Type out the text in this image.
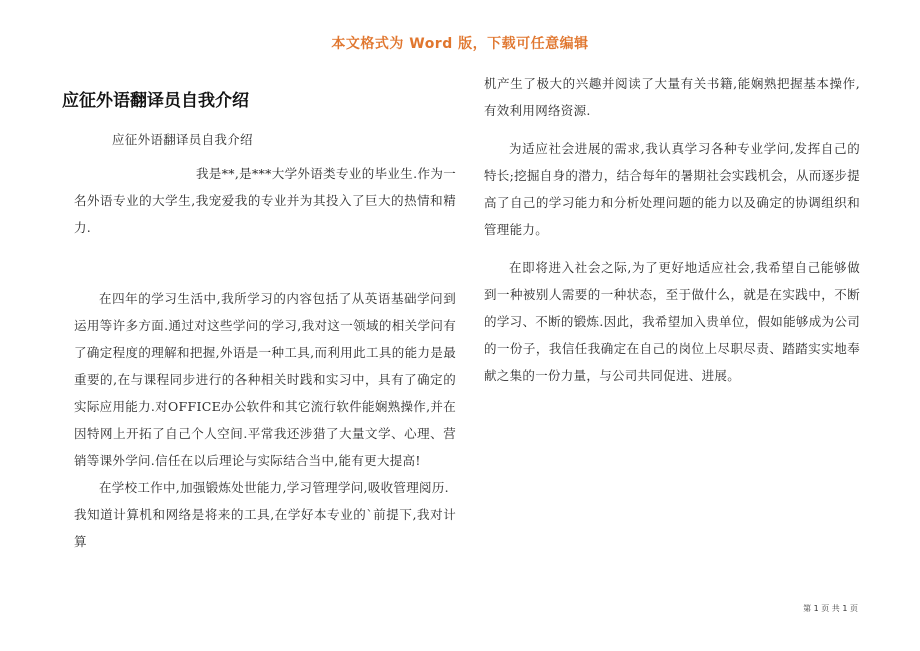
本文格式为 Word 版，下载可任意编辑
应征外语翻译员自我介绍

应征外语翻译员自我介绍

我是**,是***大学外语类专业的毕业生.作为一名外语专业的大学生,我宠爱我的专业并为其投入了巨大的热情和精力.

在四年的学习生活中,我所学习的内容包括了从英语基础学问到运用等许多方面.通过对这些学问的学习,我对这一领域的相关学问有了确定程度的理解和把握,外语是一种工具,而利用此工具的能力是最重要的,在与课程同步进行的各种相关时践和实习中，具有了确定的实际应用能力.对OFFICE办公软件和其它流行软件能娴熟操作,并在因特网上开拓了自己个人空间.平常我还涉猎了大量文学、心理、营销等课外学问.信任在以后理论与实际结合当中,能有更大提高!

在学校工作中,加强锻炼处世能力,学习管理学问,吸收管理阅历.

我知道计算机和网络是将来的工具,在学好本专业的`前提下,我对计算

机产生了极大的兴趣并阅读了大量有关书籍,能娴熟把握基本操作,有效利用网络资源.

为适应社会进展的需求,我认真学习各种专业学问,发挥自己的特长;挖掘自身的潜力，结合每年的暑期社会实践机会，从而逐步提高了自己的学习能力和分析处理问题的能力以及确定的协调组织和管理能力。

在即将进入社会之际,为了更好地适应社会,我希望自己能够做到一种被别人需要的一种状态，至于做什么，就是在实践中，不断的学习、不断的锻炼.因此，我希望加入贵单位，假如能够成为公司的一份子，我信任我确定在自己的岗位上尽职尽责、踏踏实实地奉献之集的一份力量，与公司共同促进、进展。

第 1 页 共 1 页
